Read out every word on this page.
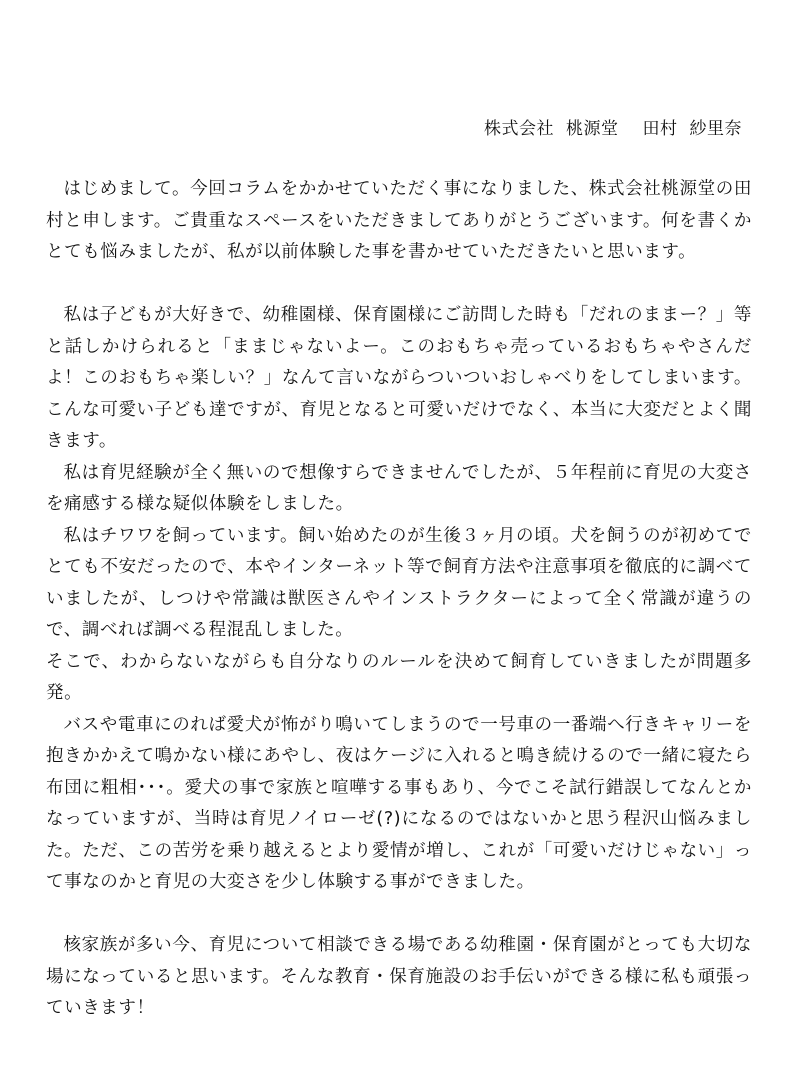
株式会社 桃源堂 田村 紗里奈

はじめまして。今回コラムをかかせていただく事になりました、株式会社桃源堂の田村と申します。ご貴重なスペースをいただきましてありがとうございます。何を書くかとても悩みましたが、私が以前体験した事を書かせていただきたいと思います。

私は子どもが大好きで、幼稚園様、保育園様にご訪問した時も「だれのままー？」等と話しかけられると「ままじゃないよー。このおもちゃ売っているおもちゃやさんだよ！このおもちゃ楽しい？」なんて言いながらついついおしゃべりをしてしまいます。こんな可愛い子ども達ですが、育児となると可愛いだけでなく、本当に大変だとよく聞きます。

私は育児経験が全く無いので想像すらできませんでしたが、５年程前に育児の大変さを痛感する様な疑似体験をしました。

私はチワワを飼っています。飼い始めたのが生後３ヶ月の頃。犬を飼うのが初めてでとても不安だったので、本やインターネット等で飼育方法や注意事項を徹底的に調べていましたが、しつけや常識は獣医さんやインストラクターによって全く常識が違うので、調べれば調べる程混乱しました。

そこで、わからないながらも自分なりのルールを決めて飼育していきましたが問題多発。

バスや電車にのれば愛犬が怖がり鳴いてしまうので一号車の一番端へ行きキャリーを抱きかかえて鳴かない様にあやし、夜はケージに入れると鳴き続けるので一緒に寝たら布団に粗相･･･。愛犬の事で家族と喧嘩する事もあり、今でこそ試行錯誤してなんとかなっていますが、当時は育児ノイローゼ(?)になるのではないかと思う程沢山悩みました。ただ、この苦労を乗り越えるとより愛情が増し、これが「可愛いだけじゃない」って事なのかと育児の大変さを少し体験する事ができました。

核家族が多い今、育児について相談できる場である幼稚園・保育園がとっても大切な場になっていると思います。そんな教育・保育施設のお手伝いができる様に私も頑張っていきます！
